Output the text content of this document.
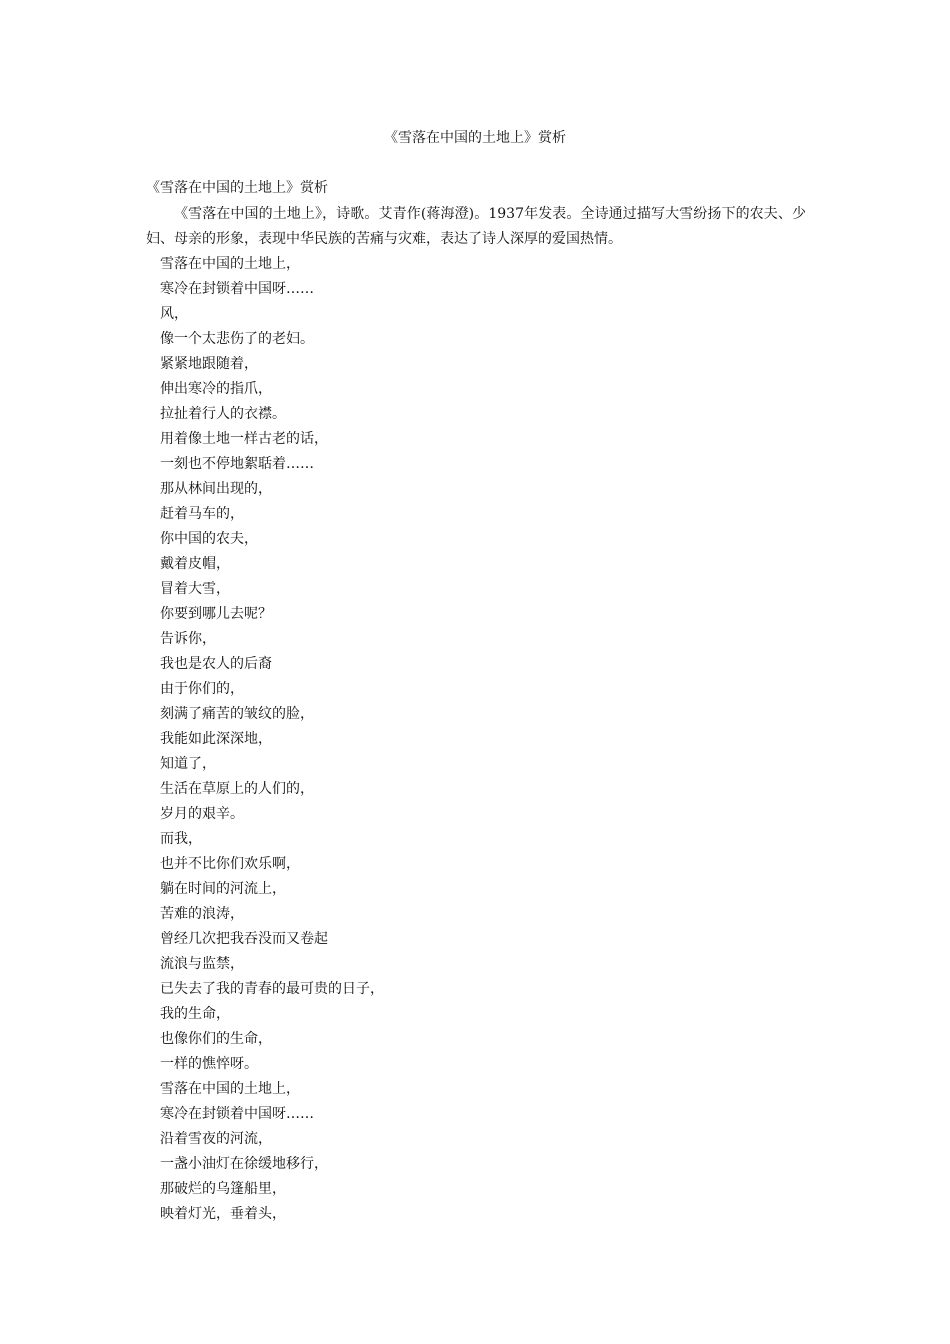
《雪落在中国的土地上》赏析
《雪落在中国的土地上》赏析
《雪落在中国的土地上》，诗歌。艾青作(蒋海澄)。1937年发表。全诗通过描写大雪纷扬下的农夫、少妇、母亲的形象，表现中华民族的苦痛与灾难，表达了诗人深厚的爱国热情。
雪落在中国的土地上，
寒冷在封锁着中国呀……
风，
像一个太悲伤了的老妇。
紧紧地跟随着，
伸出寒冷的指爪，
拉扯着行人的衣襟。
用着像土地一样古老的话，
一刻也不停地絮聒着……
那从林间出现的，
赶着马车的，
你中国的农夫，
戴着皮帽，
冒着大雪，
你要到哪儿去呢？
告诉你，
我也是农人的后裔
由于你们的，
刻满了痛苦的皱纹的脸，
我能如此深深地，
知道了，
生活在草原上的人们的，
岁月的艰辛。
而我，
也并不比你们欢乐啊，
躺在时间的河流上，
苦难的浪涛，
曾经几次把我吞没而又卷起
流浪与监禁，
已失去了我的青春的最可贵的日子，
我的生命，
也像你们的生命，
一样的憔悴呀。
雪落在中国的土地上，
寒冷在封锁着中国呀……
沿着雪夜的河流，
一盏小油灯在徐缓地移行，
那破烂的乌篷船里，
映着灯光，垂着头，
